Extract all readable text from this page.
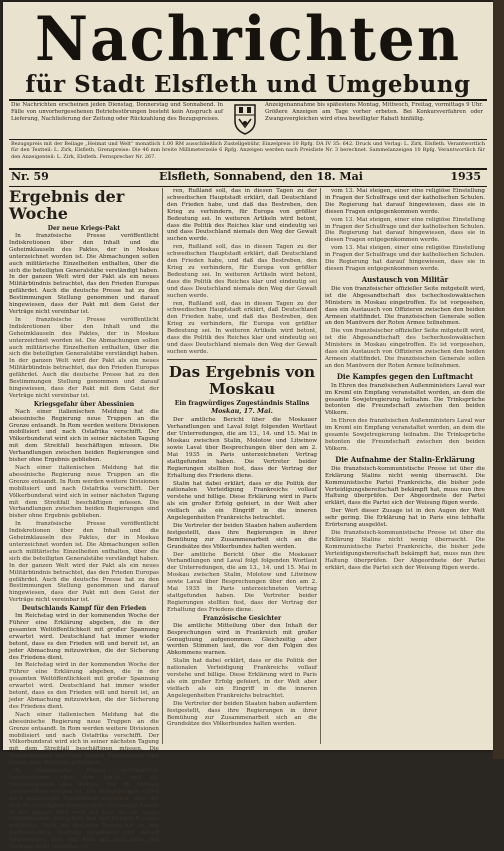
Nachrichten
für Stadt Elsfleth und Umgebung
Die Nachrichten erscheinen jeden Dienstag, Donnerstag und Sonnabend. In Fälle von unvorhergesehenen Betriebsstörungen besteht kein Anspruch auf Lieferung, Nachlieferung der Zeitung oder Rückzahlung des Bezugspreises.
Anzeigenannahme bis spätestens Montag, Mittwoch, Freitag, vormittags 9 Uhr. Größere Anzeigen am Tage vorher erbeten. Bei Konkursverfahren oder Zwangsvergleichen wird etwa bewilligter Rabatt hinfällig.
Bezugspreis mit der Beilage „Heimat und Welt“ monatlich 1.00 RM ausschließlich Zustellgebühr, Einzelpreis 10 Rpfg. DA IV 35: 642. Druck und Verlag: L. Zirk, Elsfleth. Verantwortlich für den Textteil: L. Zirk, Elsfleth, Grenzpreise: Die 46 mm breite Millimeterzeile 6 Rpfg. Anzeigen werden nach Preisliste Nr. 3 berechnet. Sammelanzeigen 10 Rpfg. Verantwortlich für den Anzeigenteil: L. Zirk, Elsfleth. Fernsprecher Nr. 267.
Nr. 59	Elsfleth, Sonnabend, den 18. Mai	1935
Ergebnis der Woche
Der neue Kriegs-Pakt

In französische Presse veröffentlicht Indiskretionen über den Inhalt und die Geheimklauseln des Paktes, der in Moskau unterzeichnet worden ist. Die Abmachungen sollen auch militärische Einzelheiten enthalten, über die sich die beteiligten Generalstäbe verständigt haben. In der ganzen Welt wird der Pakt als ein neues Militärbündnis betrachtet, das den Frieden Europas gefährdet. Auch die deutsche Presse hat zu den Bestimmungen Stellung genommen und darauf hingewiesen, dass der Pakt mit dem Geist der Verträge nicht vereinbar ist.

In französische Presse veröffentlicht Indiskretionen über den Inhalt und die Geheimklauseln des Paktes, der in Moskau unterzeichnet worden ist. Die Abmachungen sollen auch militärische Einzelheiten enthalten, über die sich die beteiligten Generalstäbe verständigt haben. In der ganzen Welt wird der Pakt als ein neues Militärbündnis betrachtet, das den Frieden Europas gefährdet. Auch die deutsche Presse hat zu den Bestimmungen Stellung genommen und darauf hingewiesen, dass der Pakt mit dem Geist der Verträge nicht vereinbar ist.

Kriegsgefahr über Abessinien

Nach einer italienischen Meldung hat die abessinische Regierung neue Truppen an die Grenze entsandt. In Rom werden weitere Divisionen mobilisiert und nach Ostafrika verschifft. Der Völkerbundsrat wird sich in seiner nächsten Tagung mit dem Streitfall beschäftigen müssen. Die Verhandlungen zwischen beiden Regierungen sind bisher ohne Ergebnis geblieben.

Nach einer italienischen Meldung hat die abessinische Regierung neue Truppen an die Grenze entsandt. In Rom werden weitere Divisionen mobilisiert und nach Ostafrika verschifft. Der Völkerbundsrat wird sich in seiner nächsten Tagung mit dem Streitfall beschäftigen müssen. Die Verhandlungen zwischen beiden Regierungen sind bisher ohne Ergebnis geblieben.

In französische Presse veröffentlicht Indiskretionen über den Inhalt und die Geheimklauseln des Paktes, der in Moskau unterzeichnet worden ist. Die Abmachungen sollen auch militärische Einzelheiten enthalten, über die sich die beteiligten Generalstäbe verständigt haben. In der ganzen Welt wird der Pakt als ein neues Militärbündnis betrachtet, das den Frieden Europas gefährdet. Auch die deutsche Presse hat zu den Bestimmungen Stellung genommen und darauf hingewiesen, dass der Pakt mit dem Geist der Verträge nicht vereinbar ist.

Deutschlands Kampf für den Frieden

Im Reichstag wird in der kommenden Woche der Führer eine Erklärung abgeben, die in der gesamten Weltöffentlichkeit mit großer Spannung erwartet wird. Deutschland hat immer wieder betont, dass es den Frieden will und bereit ist, an jeder Abmachung mitzuwirken, die der Sicherung des Friedens dient.

Im Reichstag wird in der kommenden Woche der Führer eine Erklärung abgeben, die in der gesamten Weltöffentlichkeit mit großer Spannung erwartet wird. Deutschland hat immer wieder betont, dass es den Frieden will und bereit ist, an jeder Abmachung mitzuwirken, die der Sicherung des Friedens dient.

Nach einer italienischen Meldung hat die abessinische Regierung neue Truppen an die Grenze entsandt. In Rom werden weitere Divisionen mobilisiert und nach Ostafrika verschifft. Der Völkerbundsrat wird sich in seiner nächsten Tagung mit dem Streitfall beschäftigen müssen. Die Verhandlungen zwischen beiden Regierungen sind bisher ohne Ergebnis geblieben.

In französische Presse veröffentlicht Indiskretionen über den Inhalt und die Geheimklauseln des Paktes, der in Moskau unterzeichnet worden ist. Die Abmachungen sollen auch militärische Einzelheiten enthalten, über die sich die beteiligten Generalstäbe verständigt haben. In der ganzen Welt wird der Pakt als ein neues Militärbündnis betrachtet, das den Frieden Europas gefährdet. Auch die deutsche Presse hat zu den Bestimmungen Stellung genommen und darauf hingewiesen, dass der Pakt mit dem Geist der Verträge nicht vereinbar ist.

ren, Rußland soll, das in diesen Tagen zu der schwedischen Hauptstadt erklärt, daß Deutschland den Frieden habe, und daß das Bestreben, den Krieg zu verhindern, für Europa von größter Bedeutung sei. In weiteren Artikeln wird betont, dass die Politik des Reiches klar und eindeutig sei und dass Deutschland niemals den Weg der Gewalt suchen werde.

ren, Rußland soll, das in diesen Tagen zu der schwedischen Hauptstadt erklärt, daß Deutschland den Frieden habe, und daß das Bestreben, den Krieg zu verhindern, für Europa von größter Bedeutung sei. In weiteren Artikeln wird betont, dass die Politik des Reiches klar und eindeutig sei und dass Deutschland niemals den Weg der Gewalt suchen werde.

ren, Rußland soll, das in diesen Tagen zu der schwedischen Hauptstadt erklärt, daß Deutschland den Frieden habe, und daß das Bestreben, den Krieg zu verhindern, für Europa von größter Bedeutung sei. In weiteren Artikeln wird betont, dass die Politik des Reiches klar und eindeutig sei und dass Deutschland niemals den Weg der Gewalt suchen werde.

Das Ergebnis von Moskau
Ein fragwürdiges Zugeständnis Stalins
Moskau, 17. Mai.

Der amtliche Bericht über die Moskauer Verhandlungen und Laval folgt folgenden Wortlaut der Unterredungen, die am 13., 14. und 15. Mai in Moskau zwischen Stalin, Molotow und Litwinow sowie Laval über Besprechungen über den am 2. Mai 1935 in Paris unterzeichneten Vertrag stattgefunden haben. Die Vertreter beider Regierungen stellten fest, dass der Vertrag der Erhaltung des Friedens diene.

Stalin hat dabei erklärt, dass er die Politik der nationalen Verteidigung Frankreichs vollauf verstehe und billige. Diese Erklärung wird in Paris als ein großer Erfolg gefeiert, in der Welt aber vielfach als ein Eingriff in die inneren Angelegenheiten Frankreichs betrachtet.

Die Vertreter der beiden Staaten haben außerdem festgestellt, dass ihre Regierungen in ihrer Bemühung zur Zusammenarbeit sich an die Grundsätze des Völkerbundes halten werden.

Der amtliche Bericht über die Moskauer Verhandlungen und Laval folgt folgenden Wortlaut der Unterredungen, die am 13., 14. und 15. Mai in Moskau zwischen Stalin, Molotow und Litwinow sowie Laval über Besprechungen über den am 2. Mai 1935 in Paris unterzeichneten Vertrag stattgefunden haben. Die Vertreter beider Regierungen stellten fest, dass der Vertrag der Erhaltung des Friedens diene.

Französische Gesichter

Die amtliche Mitteilung über den Inhalt der Besprechungen wird in Frankreich mit großer Genugtuung aufgenommen. Gleichzeitig aber werden Stimmen laut, die vor den Folgen des Abkommens warnen.

Stalin hat dabei erklärt, dass er die Politik der nationalen Verteidigung Frankreichs vollauf verstehe und billige. Diese Erklärung wird in Paris als ein großer Erfolg gefeiert, in der Welt aber vielfach als ein Eingriff in die inneren Angelegenheiten Frankreichs betrachtet.

Die Vertreter der beiden Staaten haben außerdem festgestellt, dass ihre Regierungen in ihrer Bemühung zur Zusammenarbeit sich an die Grundsätze des Völkerbundes halten werden.

vom 13. Mai steigen, einer eine religiöse Einstellung in Fragen der Schulfrage und der katholischen Schulen. Die Regierung hat darauf hingewiesen, dass sie in diesen Fragen entgegenkommen werde.

vom 13. Mai steigen, einer eine religiöse Einstellung in Fragen der Schulfrage und der katholischen Schulen. Die Regierung hat darauf hingewiesen, dass sie in diesen Fragen entgegenkommen werde.

vom 13. Mai steigen, einer eine religiöse Einstellung in Fragen der Schulfrage und der katholischen Schulen. Die Regierung hat darauf hingewiesen, dass sie in diesen Fragen entgegenkommen werde.

Austausch von Militär

Die von französischer offizieller Seite mitgeteilt wird, ist die Abgesandtschaft des tschechoslowakischen Ministers in Moskau eingetroffen. Es ist vorgesehen, dass ein Austausch von Offizieren zwischen den beiden Armeen stattfindet. Die französischen Generale sollen an den Manövern der Roten Armee teilnehmen.

Die von französischer offizieller Seite mitgeteilt wird, ist die Abgesandtschaft des tschechoslowakischen Ministers in Moskau eingetroffen. Es ist vorgesehen, dass ein Austausch von Offizieren zwischen den beiden Armeen stattfindet. Die französischen Generale sollen an den Manövern der Roten Armee teilnehmen.

Die Kampfes gegen den Luftmacht

In Ehren des französischen Außenministers Laval war im Kreml ein Empfang veranstaltet worden, an dem die gesamte Sowjetregierung teilnahm. Die Trinksprüche betonten die Freundschaft zwischen den beiden Völkern.

In Ehren des französischen Außenministers Laval war im Kreml ein Empfang veranstaltet worden, an dem die gesamte Sowjetregierung teilnahm. Die Trinksprüche betonten die Freundschaft zwischen den beiden Völkern.

Die Aufnahme der Stalin-Erklärung

Die französisch-kommunistische Presse ist über die Erklärung Stalins nicht wenig überrascht. Die Kommunistische Partei Frankreichs, die bisher jede Verteidigungsbereitschaft bekämpft hat, muss nun ihre Haltung überprüfen. Der Abgeordnete der Partei erklärt, dass die Partei sich der Weisung fügen werde.

Der Wert dieser Zusage ist in den Augen der Welt sehr gering. Die Erklärung hat in Paris eine lebhafte Erörterung ausgelöst.

Die französisch-kommunistische Presse ist über die Erklärung Stalins nicht wenig überrascht. Die Kommunistische Partei Frankreichs, die bisher jede Verteidigungsbereitschaft bekämpft hat, muss nun ihre Haltung überprüfen. Der Abgeordnete der Partei erklärt, dass die Partei sich der Weisung fügen werde.
